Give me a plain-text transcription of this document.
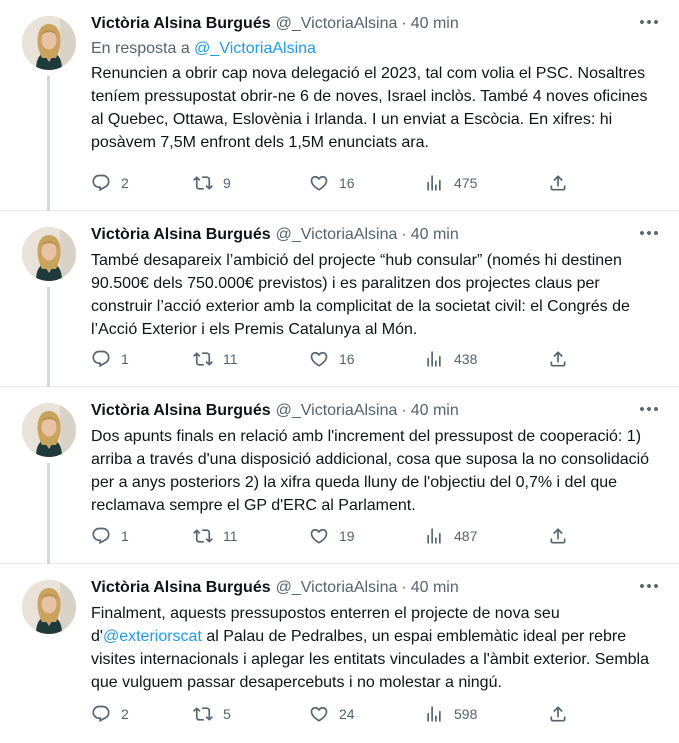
Victòria Alsina Burgués @_VictoriaAlsina · 40 min
En resposta a @_VictoriaAlsina
Renuncien a obrir cap nova delegació el 2023, tal com volia el PSC. Nosaltres teníem pressupostat obrir-ne 6 de noves, Israel inclòs. També 4 noves oficines al Quebec, Ottawa, Eslovènia i Irlanda. I un enviat a Escòcia. En xifres: hi posàvem 7,5M enfront dels 1,5M enunciats ara.
2	9	16	475
Victòria Alsina Burgués @_VictoriaAlsina · 40 min
També desapareix l’ambició del projecte “hub consular” (només hi destinen 90.500€ dels 750.000€ previstos) i es paralitzen dos projectes claus per construir l’acció exterior amb la complicitat de la societat civil: el Congrés de l’Acció Exterior i els Premis Catalunya al Món.
1	11	16	438
Victòria Alsina Burgués @_VictoriaAlsina · 40 min
Dos apunts finals en relació amb l'increment del pressupost de cooperació: 1) arriba a través d'una disposició addicional, cosa que suposa la no consolidació per a anys posteriors 2) la xifra queda lluny de l'objectiu del 0,7% i del que reclamava sempre el GP d'ERC al Parlament.
1	11	19	487
Victòria Alsina Burgués @_VictoriaAlsina · 40 min
Finalment, aquests pressupostos enterren el projecte de nova seu d'@exteriorscat al Palau de Pedralbes, un espai emblemàtic ideal per rebre visites internacionals i aplegar les entitats vinculades a l'àmbit exterior. Sembla que vulguem passar desapercebuts i no molestar a ningú.
2	5	24	598
